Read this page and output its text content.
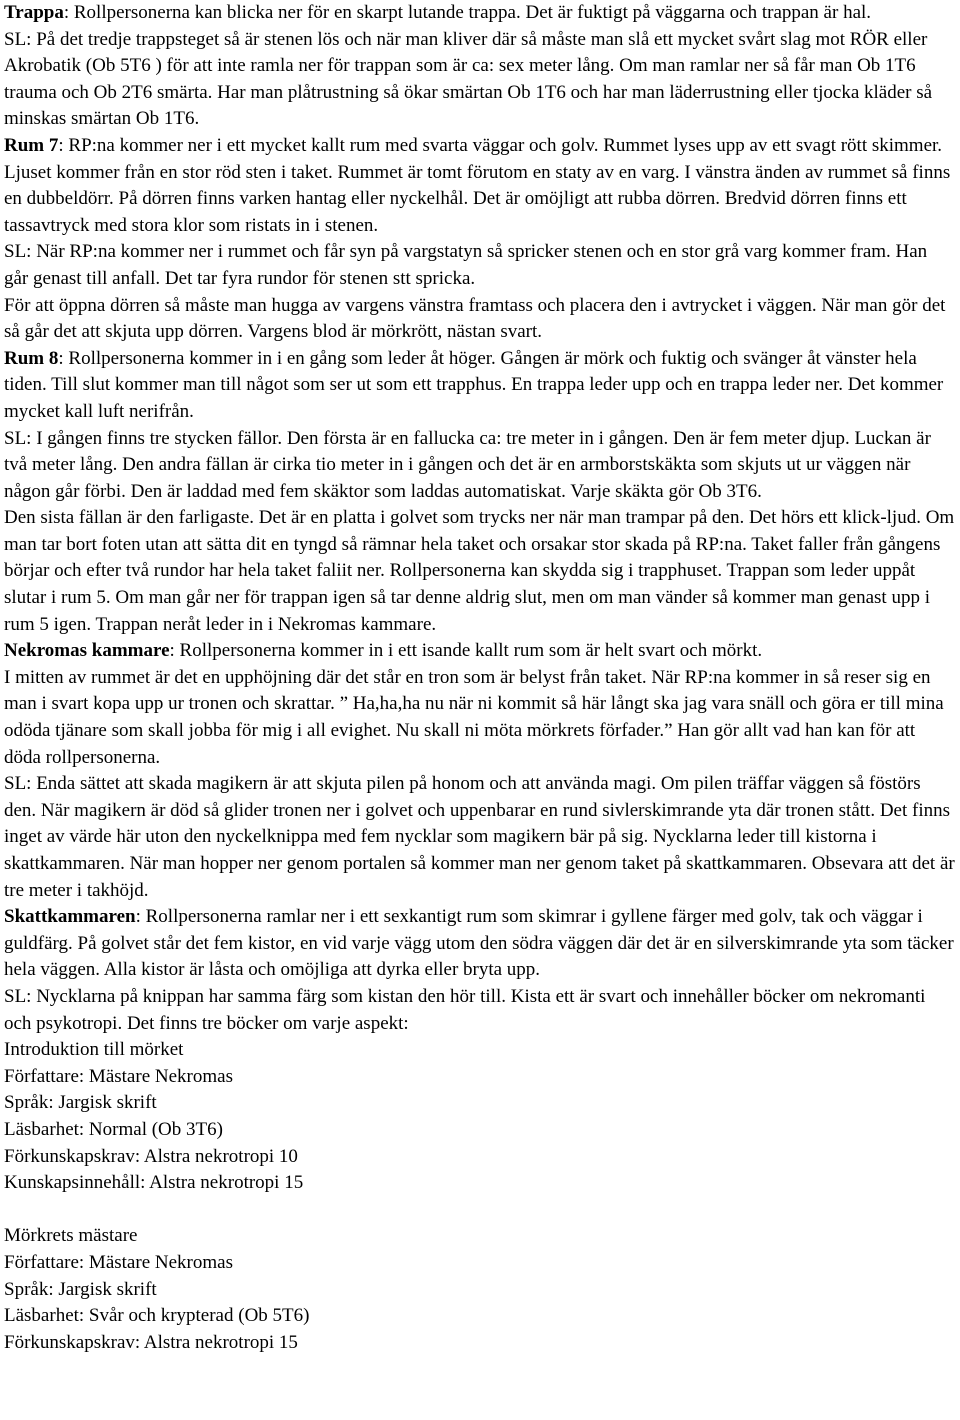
Trappa: Rollpersonerna kan blicka ner för en skarpt lutande trappa. Det är fuktigt på väggarna och trappan är hal.

SL: På det tredje trappsteget så är stenen lös och när man kliver där så måste man slå ett mycket svårt slag mot RÖR eller Akrobatik (Ob 5T6 ) för att inte ramla ner för trappan som är ca: sex meter lång. Om man ramlar ner så får man Ob 1T6 trauma och Ob 2T6 smärta. Har man plåtrustning så ökar smärtan Ob 1T6 och har man läderrustning eller tjocka kläder så minskas smärtan Ob 1T6.

Rum 7: RP:na kommer ner i ett mycket kallt rum med svarta väggar och golv. Rummet lyses upp av ett svagt rött skimmer. Ljuset kommer från en stor röd sten i taket. Rummet är tomt förutom en staty av en varg. I vänstra änden av rummet så finns en dubbeldörr. På dörren finns varken hantag eller nyckelhål. Det är omöjligt att rubba dörren. Bredvid dörren finns ett tassavtryck med stora klor som ristats in i stenen.

SL: När RP:na kommer ner i rummet och får syn på vargstatyn så spricker stenen och en stor grå varg kommer fram. Han går genast till anfall. Det tar fyra rundor för stenen stt spricka.

För att öppna dörren så måste man hugga av vargens vänstra framtass och placera den i avtrycket i väggen. När man gör det så går det att skjuta upp dörren. Vargens blod är mörkrött, nästan svart.

Rum 8: Rollpersonerna kommer in i en gång som leder åt höger. Gången är mörk och fuktig och svänger åt vänster hela tiden. Till slut kommer man till något som ser ut som ett trapphus. En trappa leder upp och en trappa leder ner. Det kommer mycket kall luft nerifrån.

SL: I gången finns tre stycken fällor. Den första är en fallucka ca: tre meter in i gången. Den är fem meter djup. Luckan är två meter lång. Den andra fällan är cirka tio meter in i gången och det är en armborstskäkta som skjuts ut ur väggen när någon går förbi. Den är laddad med fem skäktor som laddas automatiskat. Varje skäkta gör Ob 3T6.

Den sista fällan är den farligaste. Det är en platta i golvet som trycks ner när man trampar på den. Det hörs ett klick-ljud. Om man tar bort foten utan att sätta dit en tyngd så rämnar hela taket och orsakar stor skada på RP:na. Taket faller från gångens börjar och efter två rundor har hela taket faliit ner. Rollpersonerna kan skydda sig i trapphuset. Trappan som leder uppåt slutar i rum 5. Om man går ner för trappan igen så tar denne aldrig slut, men om man vänder så kommer man genast upp i rum 5 igen. Trappan neråt leder in i Nekromas kammare.

Nekromas kammare: Rollpersonerna kommer in i ett isande kallt rum som är helt svart och mörkt.

I mitten av rummet är det en upphöjning där det står en tron som är belyst från taket. När RP:na kommer in så reser sig en man i svart kopa upp ur tronen och skrattar. ” Ha,ha,ha nu när ni kommit så här långt ska jag vara snäll och göra er till mina odöda tjänare som skall jobba för mig i all evighet. Nu skall ni möta mörkrets förfader.” Han gör allt vad han kan för att döda rollpersonerna.

SL: Enda sättet att skada magikern är att skjuta pilen på honom och att använda magi. Om pilen träffar väggen så föstörs den. När magikern är död så glider tronen ner i golvet och uppenbarar en rund sivlerskimrande yta där tronen stått. Det finns inget av värde här uton den nyckelknippa med fem nycklar som magikern bär på sig. Nycklarna leder till kistorna i skattkammaren. När man hopper ner genom portalen så kommer man ner genom taket på skattkammaren. Obsevara att det är tre meter i takhöjd.

Skattkammaren: Rollpersonerna ramlar ner i ett sexkantigt rum som skimrar i gyllene färger med golv, tak och väggar i guldfärg. På golvet står det fem kistor, en vid varje vägg utom den södra väggen där det är en silverskimrande yta som täcker hela väggen. Alla kistor är låsta och omöjliga att dyrka eller bryta upp.

SL: Nycklarna på knippan har samma färg som kistan den hör till. Kista ett är svart och innehåller böcker om nekromanti och psykotropi. Det finns tre böcker om varje aspekt:

Introduktion till mörket

Författare: Mästare Nekromas

Språk: Jargisk skrift

Läsbarhet: Normal (Ob 3T6)

Förkunskapskrav: Alstra nekrotropi 10

Kunskapsinnehåll: Alstra nekrotropi 15

Mörkrets mästare

Författare: Mästare Nekromas

Språk: Jargisk skrift

Läsbarhet: Svår och krypterad (Ob 5T6)

Förkunskapskrav: Alstra nekrotropi 15
